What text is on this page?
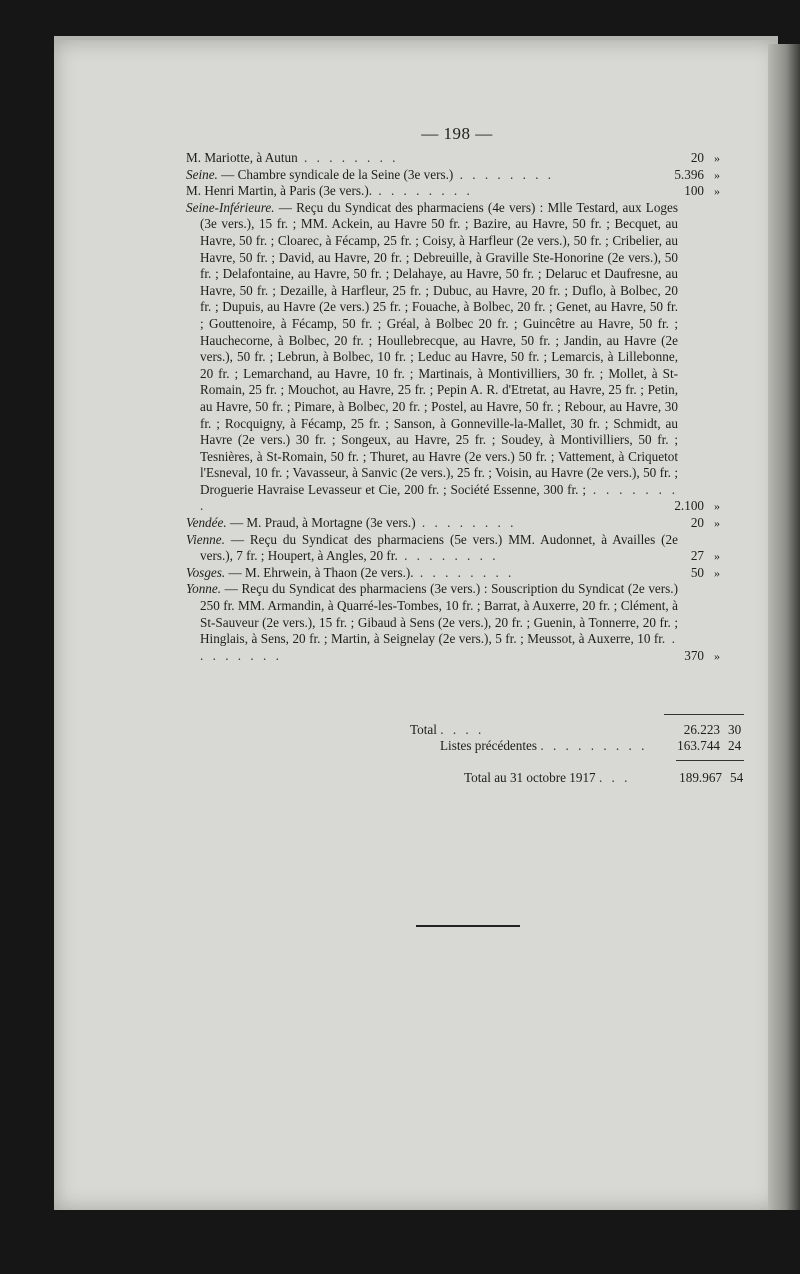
— 198 —
M. Mariotte, à Autun . . . . . . . .	20 »
Seine. — Chambre syndicale de la Seine (3e vers.) . . . . . . . .	5.396 »
M. Henri Martin, à Paris (3e vers.). . . . . . . . .	100 »
Seine-Inférieure. — Reçu du Syndicat des pharmaciens (4e vers) : Mlle Testard, aux Loges (3e vers.), 15 fr. ; MM. Ackein, au Havre 50 fr. ; Bazire, au Havre, 50 fr. ; Becquet, au Havre, 50 fr. ; Cloarec, à Fécamp, 25 fr. ; Coisy, à Harfleur (2e vers.), 50 fr. ; Cribelier, au Havre, 50 fr. ; David, au Havre, 20 fr. ; Debreuille, à Graville Ste-Honorine (2e vers.), 50 fr. ; Delafontaine, au Havre, 50 fr. ; Delahaye, au Havre, 50 fr. ; Delaruc et Daufresne, au Havre, 50 fr. ; Dezaille, à Harfleur, 25 fr. ; Dubuc, au Havre, 20 fr. ; Duflo, à Bolbec, 20 fr. ; Dupuis, au Havre (2e vers.) 25 fr. ; Fouache, à Bolbec, 20 fr. ; Genet, au Havre, 50 fr. ; Gouttenoire, à Fécamp, 50 fr. ; Gréal, à Bolbec 20 fr. ; Guincêtre au Havre, 50 fr. ; Hauchecorne, à Bolbec, 20 fr. ; Houllebrecque, au Havre, 50 fr. ; Jandin, au Havre (2e vers.), 50 fr. ; Lebrun, à Bolbec, 10 fr. ; Leduc au Havre, 50 fr. ; Lemarcis, à Lillebonne, 20 fr. ; Lemarchand, au Havre, 10 fr. ; Martinais, à Montivilliers, 30 fr. ; Mollet, à St-Romain, 25 fr. ; Mouchot, au Havre, 25 fr. ; Pepin A. R. d'Etretat, au Havre, 25 fr. ; Petin, au Havre, 50 fr. ; Pimare, à Bolbec, 20 fr. ; Postel, au Havre, 50 fr. ; Rebour, au Havre, 30 fr. ; Rocquigny, à Fécamp, 25 fr. ; Sanson, à Gonneville-la-Mallet, 30 fr. ; Schmidt, au Havre (2e vers.) 30 fr. ; Songeux, au Havre, 25 fr. ; Soudey, à Montivilliers, 50 fr. ; Tesnières, à St-Romain, 50 fr. ; Thuret, au Havre (2e vers.) 50 fr. ; Vattement, à Criquetot l'Esneval, 10 fr. ; Vavasseur, à Sanvic (2e vers.), 25 fr. ; Voisin, au Havre (2e vers.), 50 fr. ; Droguerie Havraise Levasseur et Cie, 200 fr. ; Société Essenne, 300 fr. ; . . . . . . . .	2.100 »
Vendée. — M. Praud, à Mortagne (3e vers.) . . . . . . . .	20 »
Vienne. — Reçu du Syndicat des pharmaciens (5e vers.) MM. Audonnet, à Availles (2e vers.), 7 fr. ; Houpert, à Angles, 20 fr. . . . . . . . .	27 »
Vosges. — M. Ehrwein, à Thaon (2e vers.). . . . . . . . .	50 »
Yonne. — Reçu du Syndicat des pharmaciens (3e vers.) : Souscription du Syndicat (2e vers.) 250 fr. MM. Armandin, à Quarré-les-Tombes, 10 fr. ; Barrat, à Auxerre, 20 fr. ; Clément, à St-Sauveur (2e vers.), 15 fr. ; Gibaud à Sens (2e vers.), 20 fr. ; Guenin, à Tonnerre, 20 fr. ; Hinglais, à Sens, 20 fr. ; Martin, à Seignelay (2e vers.), 5 fr. ; Meussot, à Auxerre, 10 fr. . . . . . . . .	370 »
Total . . . .	26.223 30
Listes précédentes . . . . . . . . .	163.744 24
Total au 31 octobre 1917 . . .	189.967 54
